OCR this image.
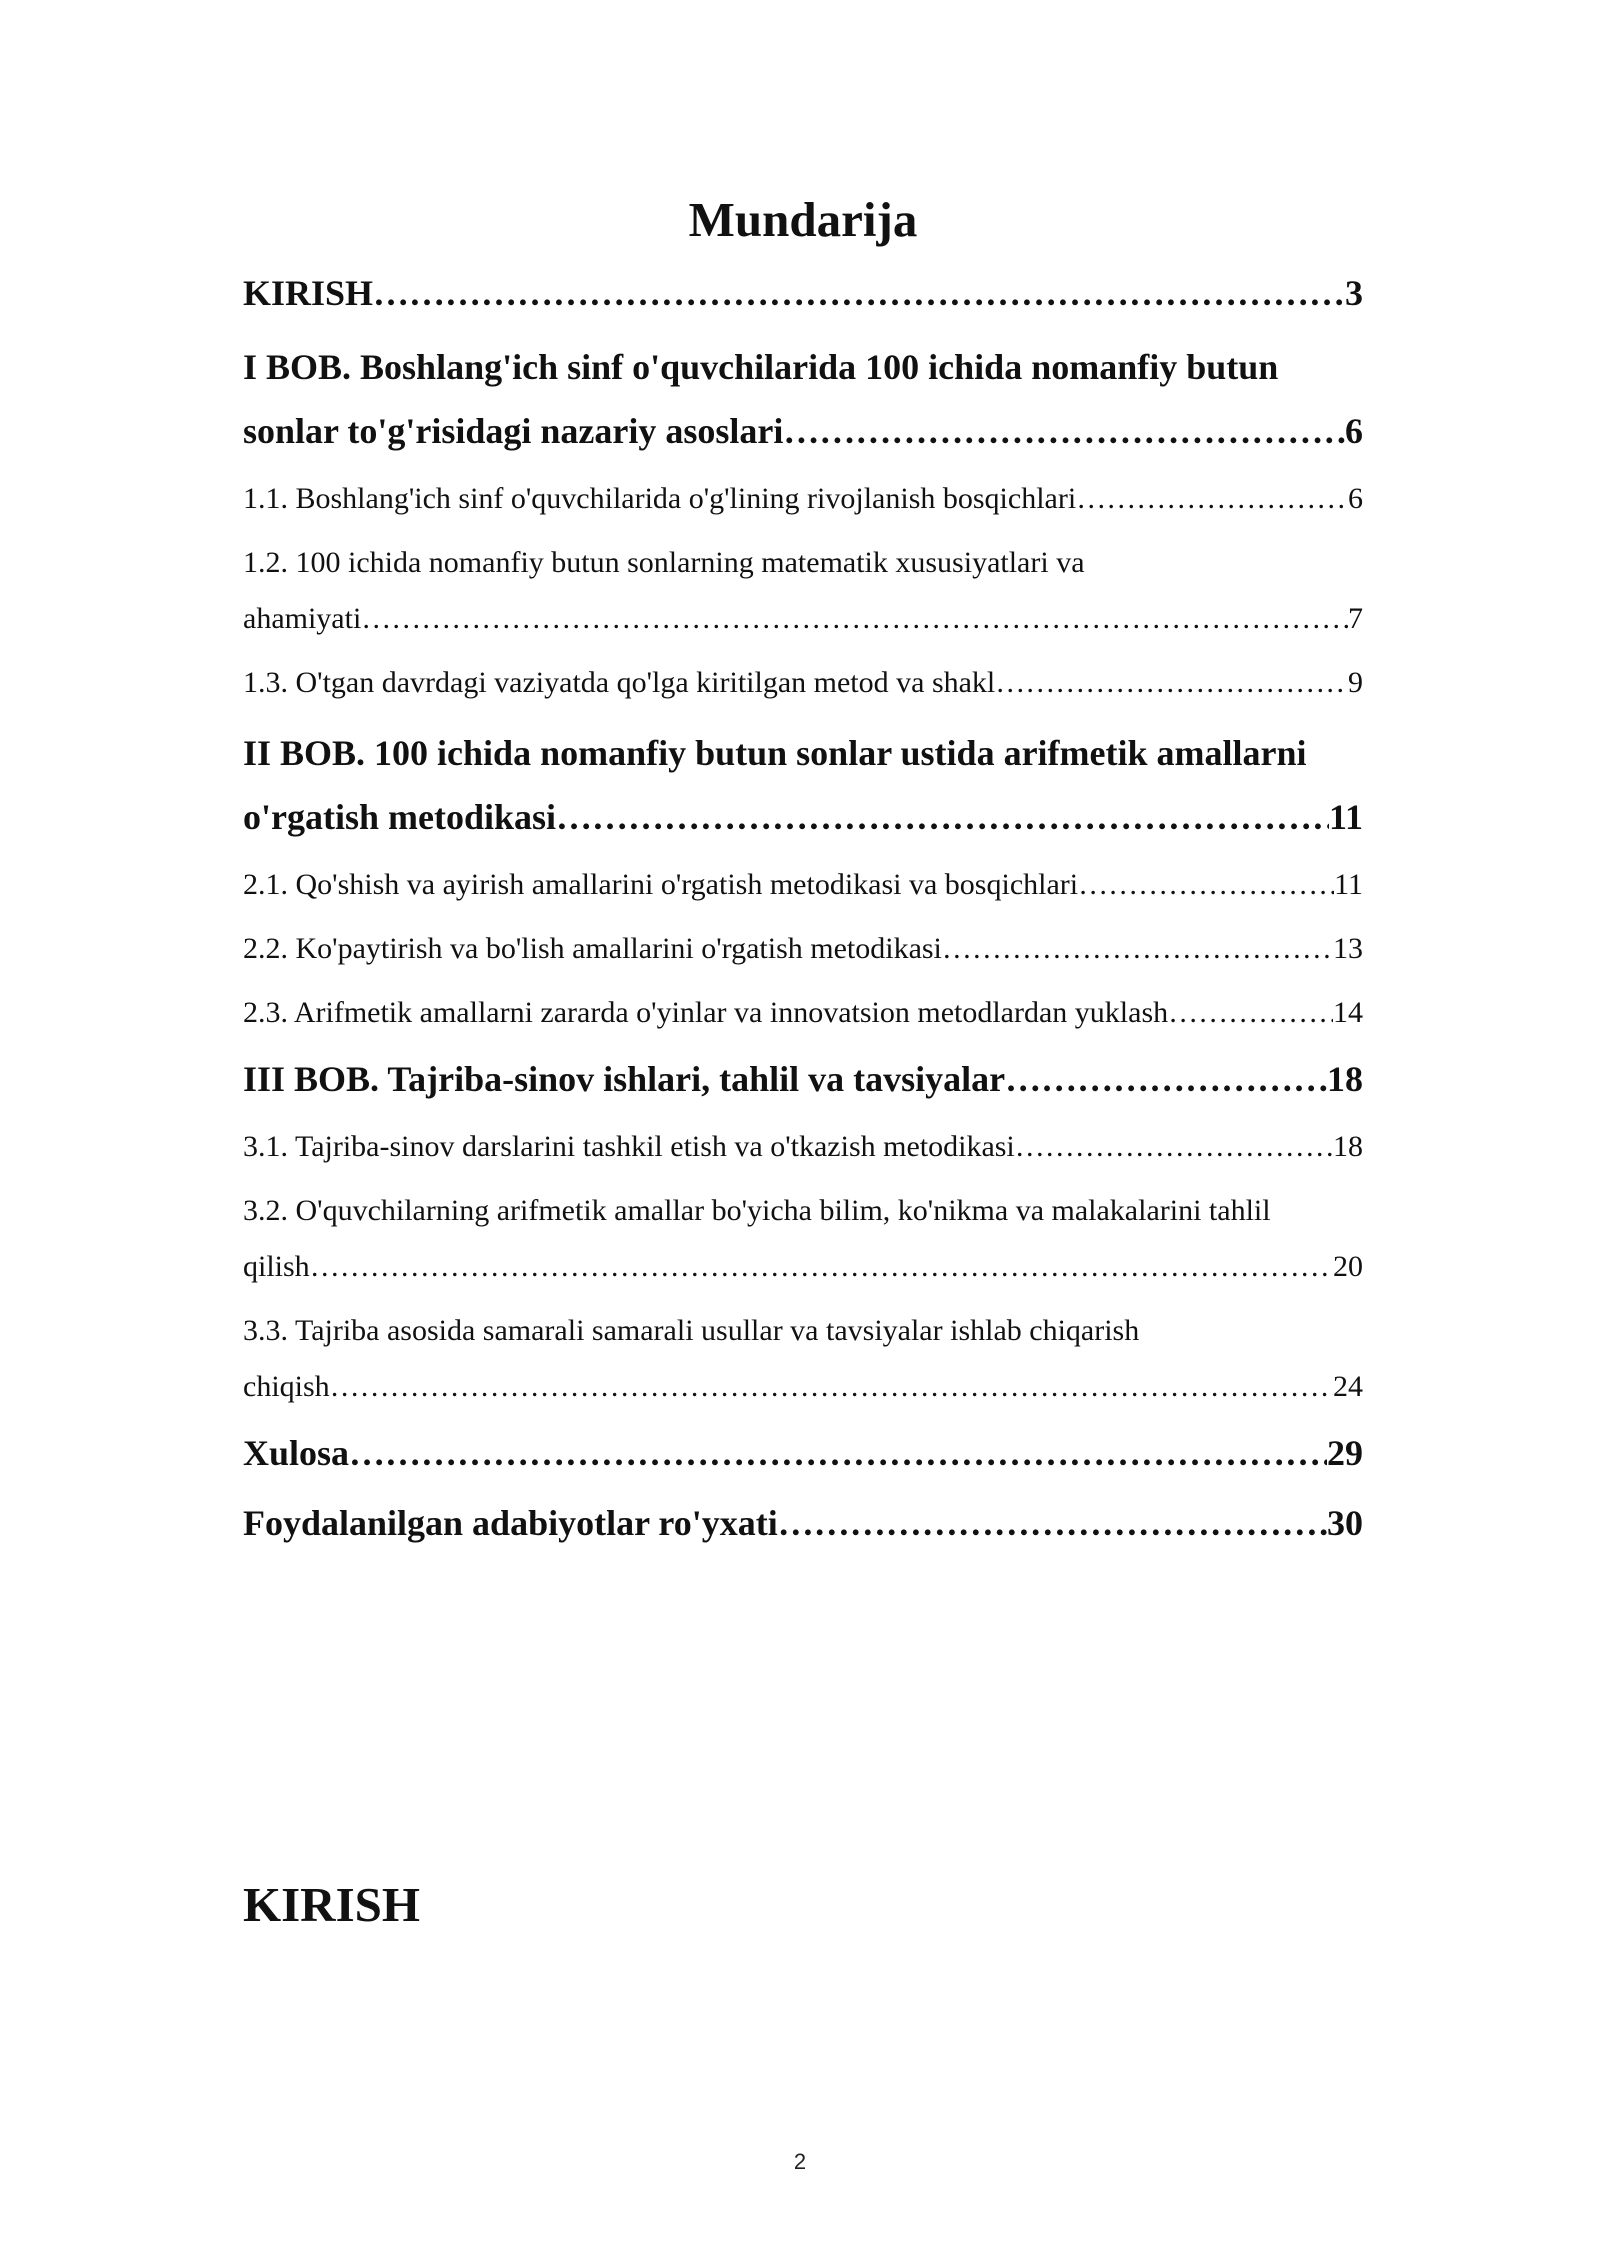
Mundarija
KIRISH ……………………………………………………………………………………………………………………………………………………………………………………………………………………	3
I BOB. Boshlang'ich sinf o'quvchilarida 100 ichida nomanfiy butun
sonlar to'g'risidagi nazariy asoslari ……………………………………………………………………………………………………………………………………………………………………………………………………………………	6
1.1. Boshlang'ich sinf o'quvchilarida o'g'lining rivojlanish bosqichlari ……………………………………………………………………………………………………………………………………………………………………………………………………………………	6
1.2. 100 ichida nomanfiy butun sonlarning matematik xususiyatlari va
ahamiyati ……………………………………………………………………………………………………………………………………………………………………………………………………………………	7
1.3. O'tgan davrdagi vaziyatda qo'lga kiritilgan metod va shakl ……………………………………………………………………………………………………………………………………………………………………………………………………………………	9
II BOB. 100 ichida nomanfiy butun sonlar ustida arifmetik amallarni
o'rgatish metodikasi ……………………………………………………………………………………………………………………………………………………………………………………………………………………	11
2.1. Qo'shish va ayirish amallarini o'rgatish metodikasi va bosqichlari ……………………………………………………………………………………………………………………………………………………………………………………………………………………	11
2.2. Ko'paytirish va bo'lish amallarini o'rgatish metodikasi ……………………………………………………………………………………………………………………………………………………………………………………………………………………	13
2.3. Arifmetik amallarni zararda o'yinlar va innovatsion metodlardan yuklash ……………………………………………………………………………………………………………………………………………………………………………………………………………………	14
III BOB. Tajriba-sinov ishlari, tahlil va tavsiyalar ……………………………………………………………………………………………………………………………………………………………………………………………………………………	18
3.1. Tajriba-sinov darslarini tashkil etish va o'tkazish metodikasi ……………………………………………………………………………………………………………………………………………………………………………………………………………………	18
3.2. O'quvchilarning arifmetik amallar bo'yicha bilim, ko'nikma va malakalarini tahlil
qilish ……………………………………………………………………………………………………………………………………………………………………………………………………………………	20
3.3. Tajriba asosida samarali samarali usullar va tavsiyalar ishlab chiqarish
chiqish ……………………………………………………………………………………………………………………………………………………………………………………………………………………	24
Xulosa ……………………………………………………………………………………………………………………………………………………………………………………………………………………	29
Foydalanilgan adabiyotlar ro'yxati ……………………………………………………………………………………………………………………………………………………………………………………………………………………	30
KIRISH
2
